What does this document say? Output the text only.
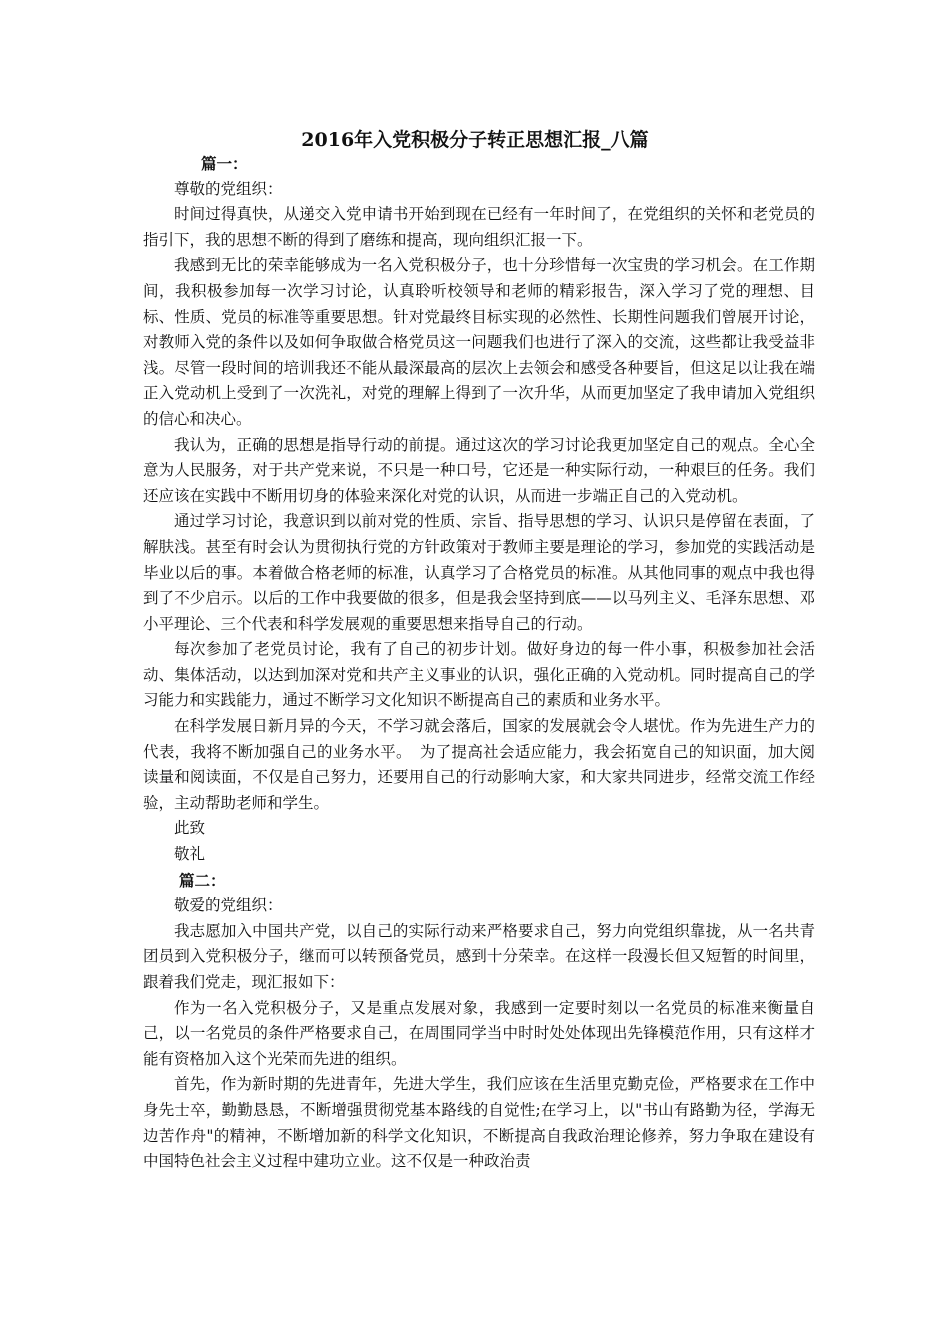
2016年入党积极分子转正思想汇报_八篇

篇一：

尊敬的党组织：

时间过得真快，从递交入党申请书开始到现在已经有一年时间了，在党组织的关怀和老党员的指引下，我的思想不断的得到了磨练和提高，现向组织汇报一下。

我感到无比的荣幸能够成为一名入党积极分子，也十分珍惜每一次宝贵的学习机会。在工作期间，我积极参加每一次学习讨论，认真聆听校领导和老师的精彩报告，深入学习了党的理想、目标、性质、党员的标准等重要思想。针对党最终目标实现的必然性、长期性问题我们曾展开讨论，对教师入党的条件以及如何争取做合格党员这一问题我们也进行了深入的交流，这些都让我受益非浅。尽管一段时间的培训我还不能从最深最高的层次上去领会和感受各种要旨，但这足以让我在端正入党动机上受到了一次洗礼，对党的理解上得到了一次升华，从而更加坚定了我申请加入党组织的信心和决心。

我认为，正确的思想是指导行动的前提。通过这次的学习讨论我更加坚定自己的观点。全心全意为人民服务，对于共产党来说，不只是一种口号，它还是一种实际行动，一种艰巨的任务。我们还应该在实践中不断用切身的体验来深化对党的认识，从而进一步端正自己的入党动机。

通过学习讨论，我意识到以前对党的性质、宗旨、指导思想的学习、认识只是停留在表面，了解肤浅。甚至有时会认为贯彻执行党的方针政策对于教师主要是理论的学习，参加党的实践活动是毕业以后的事。本着做合格老师的标准，认真学习了合格党员的标准。从其他同事的观点中我也得到了不少启示。以后的工作中我要做的很多，但是我会坚持到底——以马列主义、毛泽东思想、邓小平理论、三个代表和科学发展观的重要思想来指导自己的行动。

每次参加了老党员讨论，我有了自己的初步计划。做好身边的每一件小事，积极参加社会活动、集体活动，以达到加深对党和共产主义事业的认识，强化正确的入党动机。同时提高自己的学习能力和实践能力，通过不断学习文化知识不断提高自己的素质和业务水平。

在科学发展日新月异的今天，不学习就会落后，国家的发展就会令人堪忧。作为先进生产力的代表，我将不断加强自己的业务水平。　为了提高社会适应能力，我会拓宽自己的知识面，加大阅读量和阅读面，不仅是自己努力，还要用自己的行动影响大家，和大家共同进步，经常交流工作经验，主动帮助老师和学生。

此致

敬礼

篇二：

敬爱的党组织：

我志愿加入中国共产党，以自己的实际行动来严格要求自己，努力向党组织靠拢，从一名共青团员到入党积极分子，继而可以转预备党员，感到十分荣幸。在这样一段漫长但又短暂的时间里，跟着我们党走，现汇报如下：

作为一名入党积极分子，又是重点发展对象，我感到一定要时刻以一名党员的标准来衡量自己，以一名党员的条件严格要求自己，在周围同学当中时时处处体现出先锋模范作用，只有这样才能有资格加入这个光荣而先进的组织。

首先，作为新时期的先进青年，先进大学生，我们应该在生活里克勤克俭，严格要求在工作中身先士卒，勤勤恳恳，不断增强贯彻党基本路线的自觉性;在学习上，以"书山有路勤为径，学海无边苦作舟"的精神，不断增加新的科学文化知识，不断提高自我政治理论修养，努力争取在建设有中国特色社会主义过程中建功立业。这不仅是一种政治责
